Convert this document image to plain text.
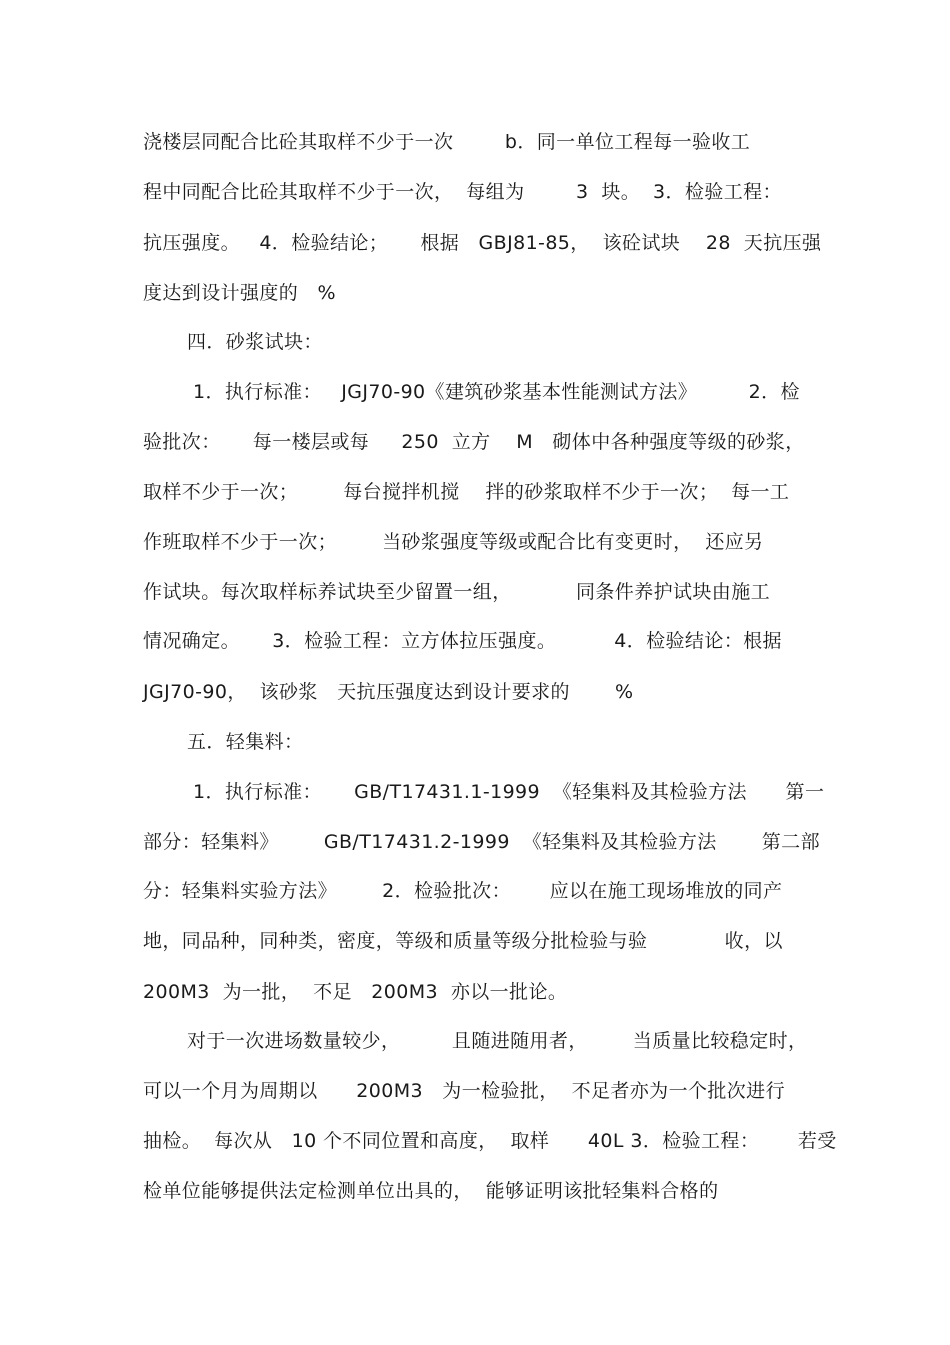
浇楼层同配合比砼其取样不少于一次        b．同一单位工程每一验收工
程中同配合比砼其取样不少于一次，  每组为        3  块。  3．检验工程：
抗压强度。   4．检验结论；     根据   GBJ81-85，  该砼试块    28  天抗压强
度达到设计强度的   %
四．砂浆试块：
1．执行标准：   JGJ70-90《建筑砂浆基本性能测试方法》        2．检
验批次：     每一楼层或每     250  立方    M   砌体中各种强度等级的砂浆，
取样不少于一次；       每台搅拌机搅    拌的砂浆取样不少于一次；  每一工
作班取样不少于一次；       当砂浆强度等级或配合比有变更时，  还应另
作试块。每次取样标养试块至少留置一组，          同条件养护试块由施工
情况确定。     3．检验工程：立方体拉压强度。         4．检验结论：根据
JGJ70-90，  该砂浆   天抗压强度达到设计要求的       %
五．轻集料：
1．执行标准：     GB/T17431.1-1999  《轻集料及其检验方法      第一
部分：轻集料》       GB/T17431.2-1999  《轻集料及其检验方法       第二部
分：轻集料实验方法》       2．检验批次：      应以在施工现场堆放的同产
地，同品种，同种类，密度，等级和质量等级分批检验与验            收，以
200M3  为一批，  不足   200M3  亦以一批论。
对于一次进场数量较少，        且随进随用者，       当质量比较稳定时，
可以一个月为周期以      200M3   为一检验批，  不足者亦为一个批次进行
抽检。  每次从   10 个不同位置和高度，  取样      40L 3．检验工程：      若受
检单位能够提供法定检测单位出具的，  能够证明该批轻集料合格的
